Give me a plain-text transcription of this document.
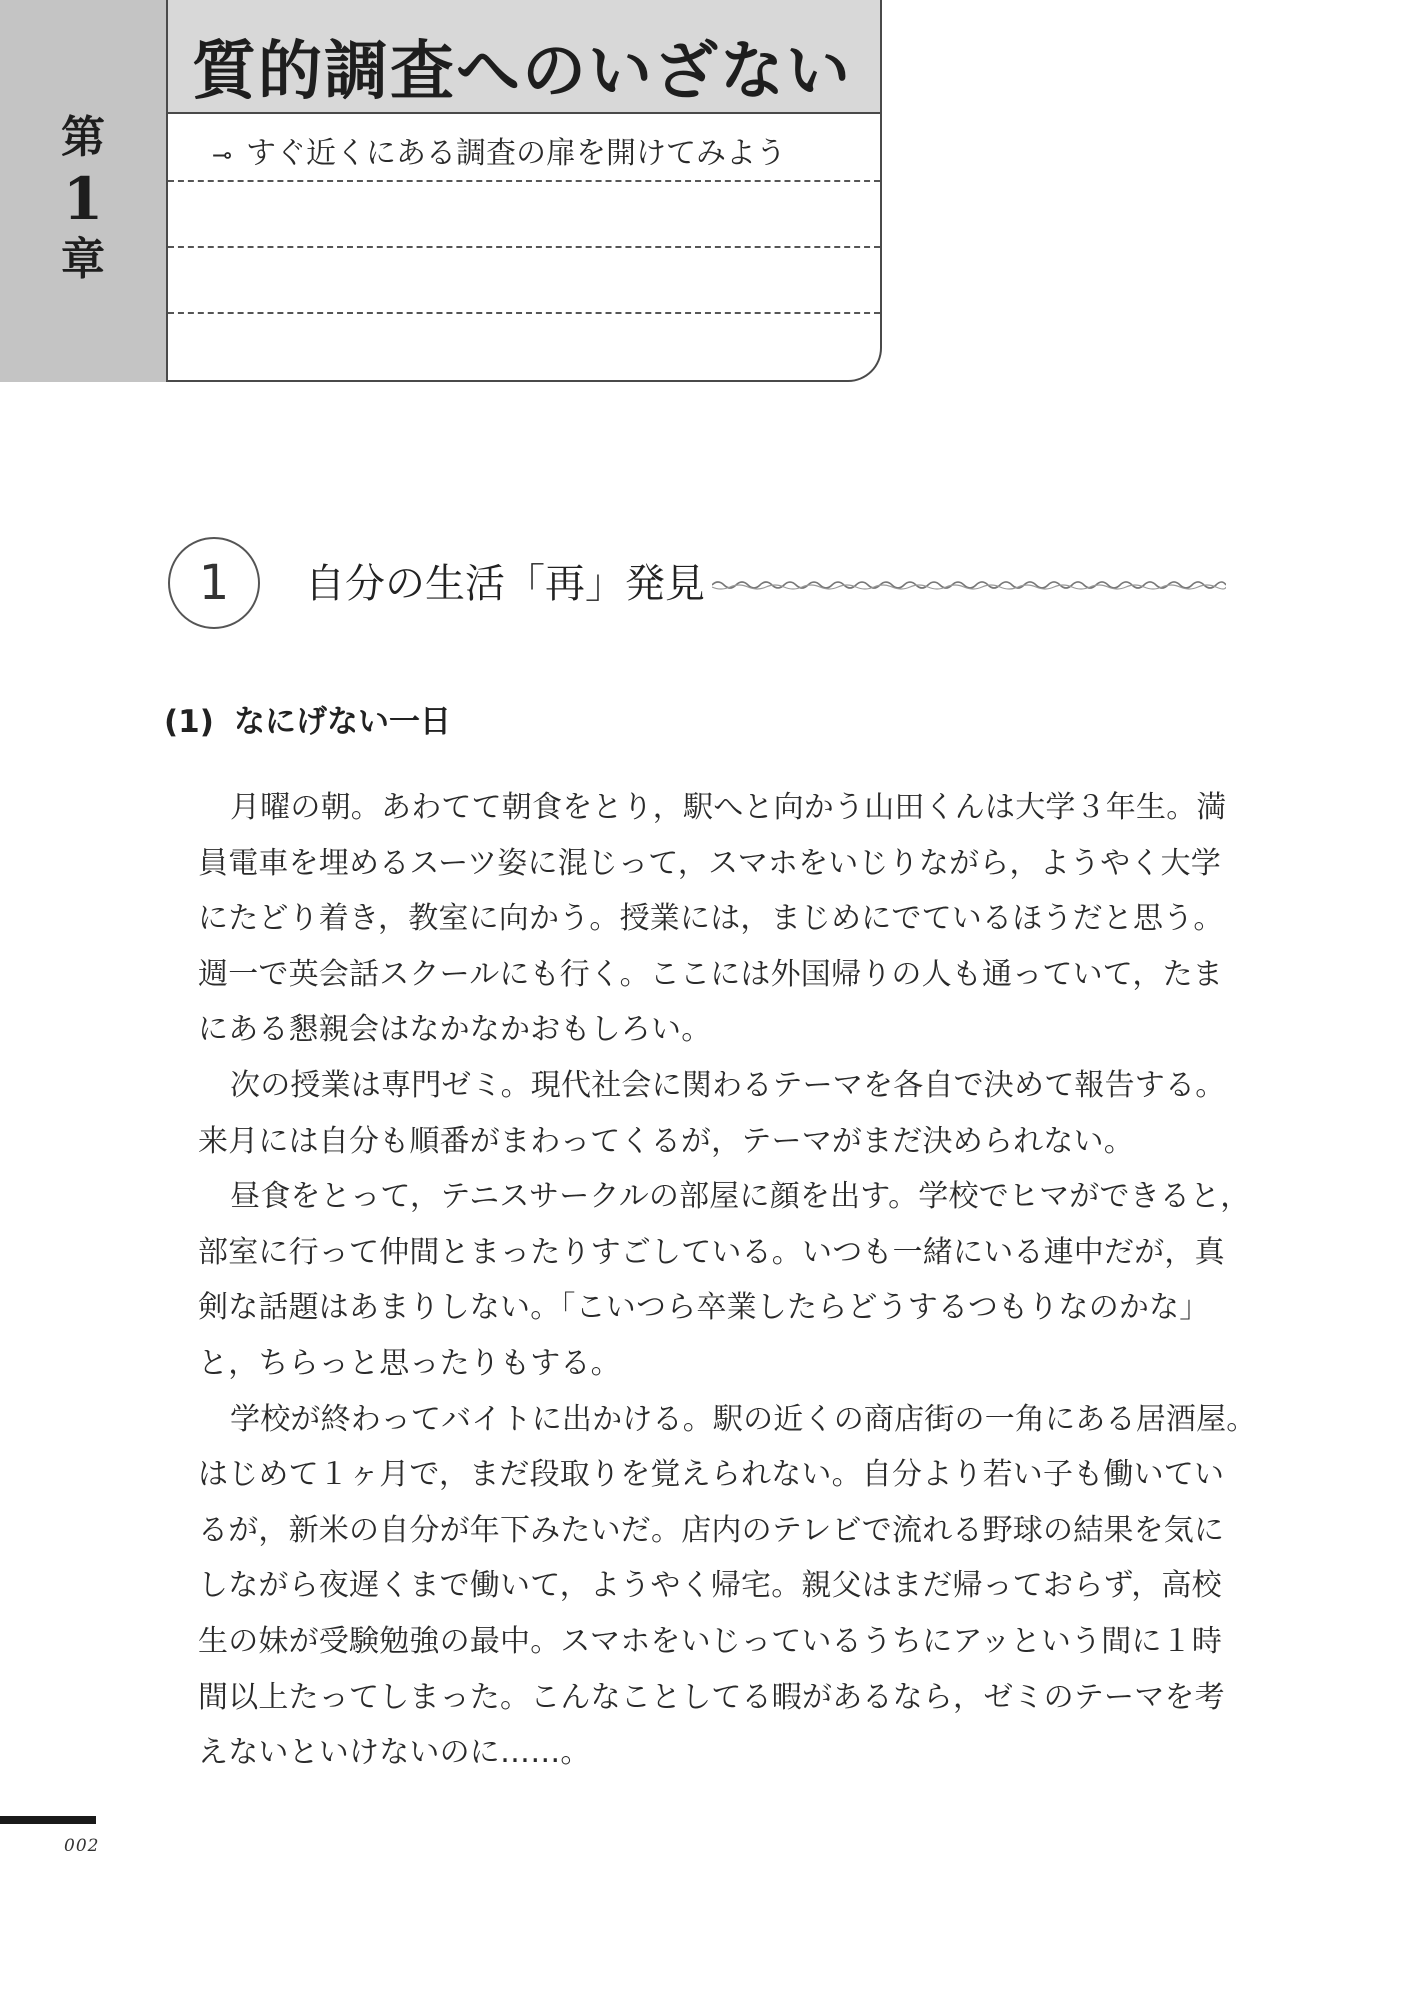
第
1
章
質的調査へのいざない
⊸ すぐ近くにある調査の扉を開けてみよう
1	自分の生活「再」発見
(1) なにげない一日
月曜の朝。あわてて朝食をとり，駅へと向かう山田くんは大学３年生。満
員電車を埋めるスーツ姿に混じって，スマホをいじりながら，ようやく大学
にたどり着き，教室に向かう。授業には，まじめにでているほうだと思う。
週一で英会話スクールにも行く。ここには外国帰りの人も通っていて，たま
にある懇親会はなかなかおもしろい。
次の授業は専門ゼミ。現代社会に関わるテーマを各自で決めて報告する。
来月には自分も順番がまわってくるが，テーマがまだ決められない。
昼食をとって，テニスサークルの部屋に顔を出す。学校でヒマができると，
部室に行って仲間とまったりすごしている。いつも一緒にいる連中だが，真
剣な話題はあまりしない。「こいつら卒業したらどうするつもりなのかな」
と，ちらっと思ったりもする。
学校が終わってバイトに出かける。駅の近くの商店街の一角にある居酒屋。
はじめて１ヶ月で，まだ段取りを覚えられない。自分より若い子も働いてい
るが，新米の自分が年下みたいだ。店内のテレビで流れる野球の結果を気に
しながら夜遅くまで働いて，ようやく帰宅。親父はまだ帰っておらず，高校
生の妹が受験勉強の最中。スマホをいじっているうちにアッという間に１時
間以上たってしまった。こんなことしてる暇があるなら，ゼミのテーマを考
えないといけないのに……。
002
